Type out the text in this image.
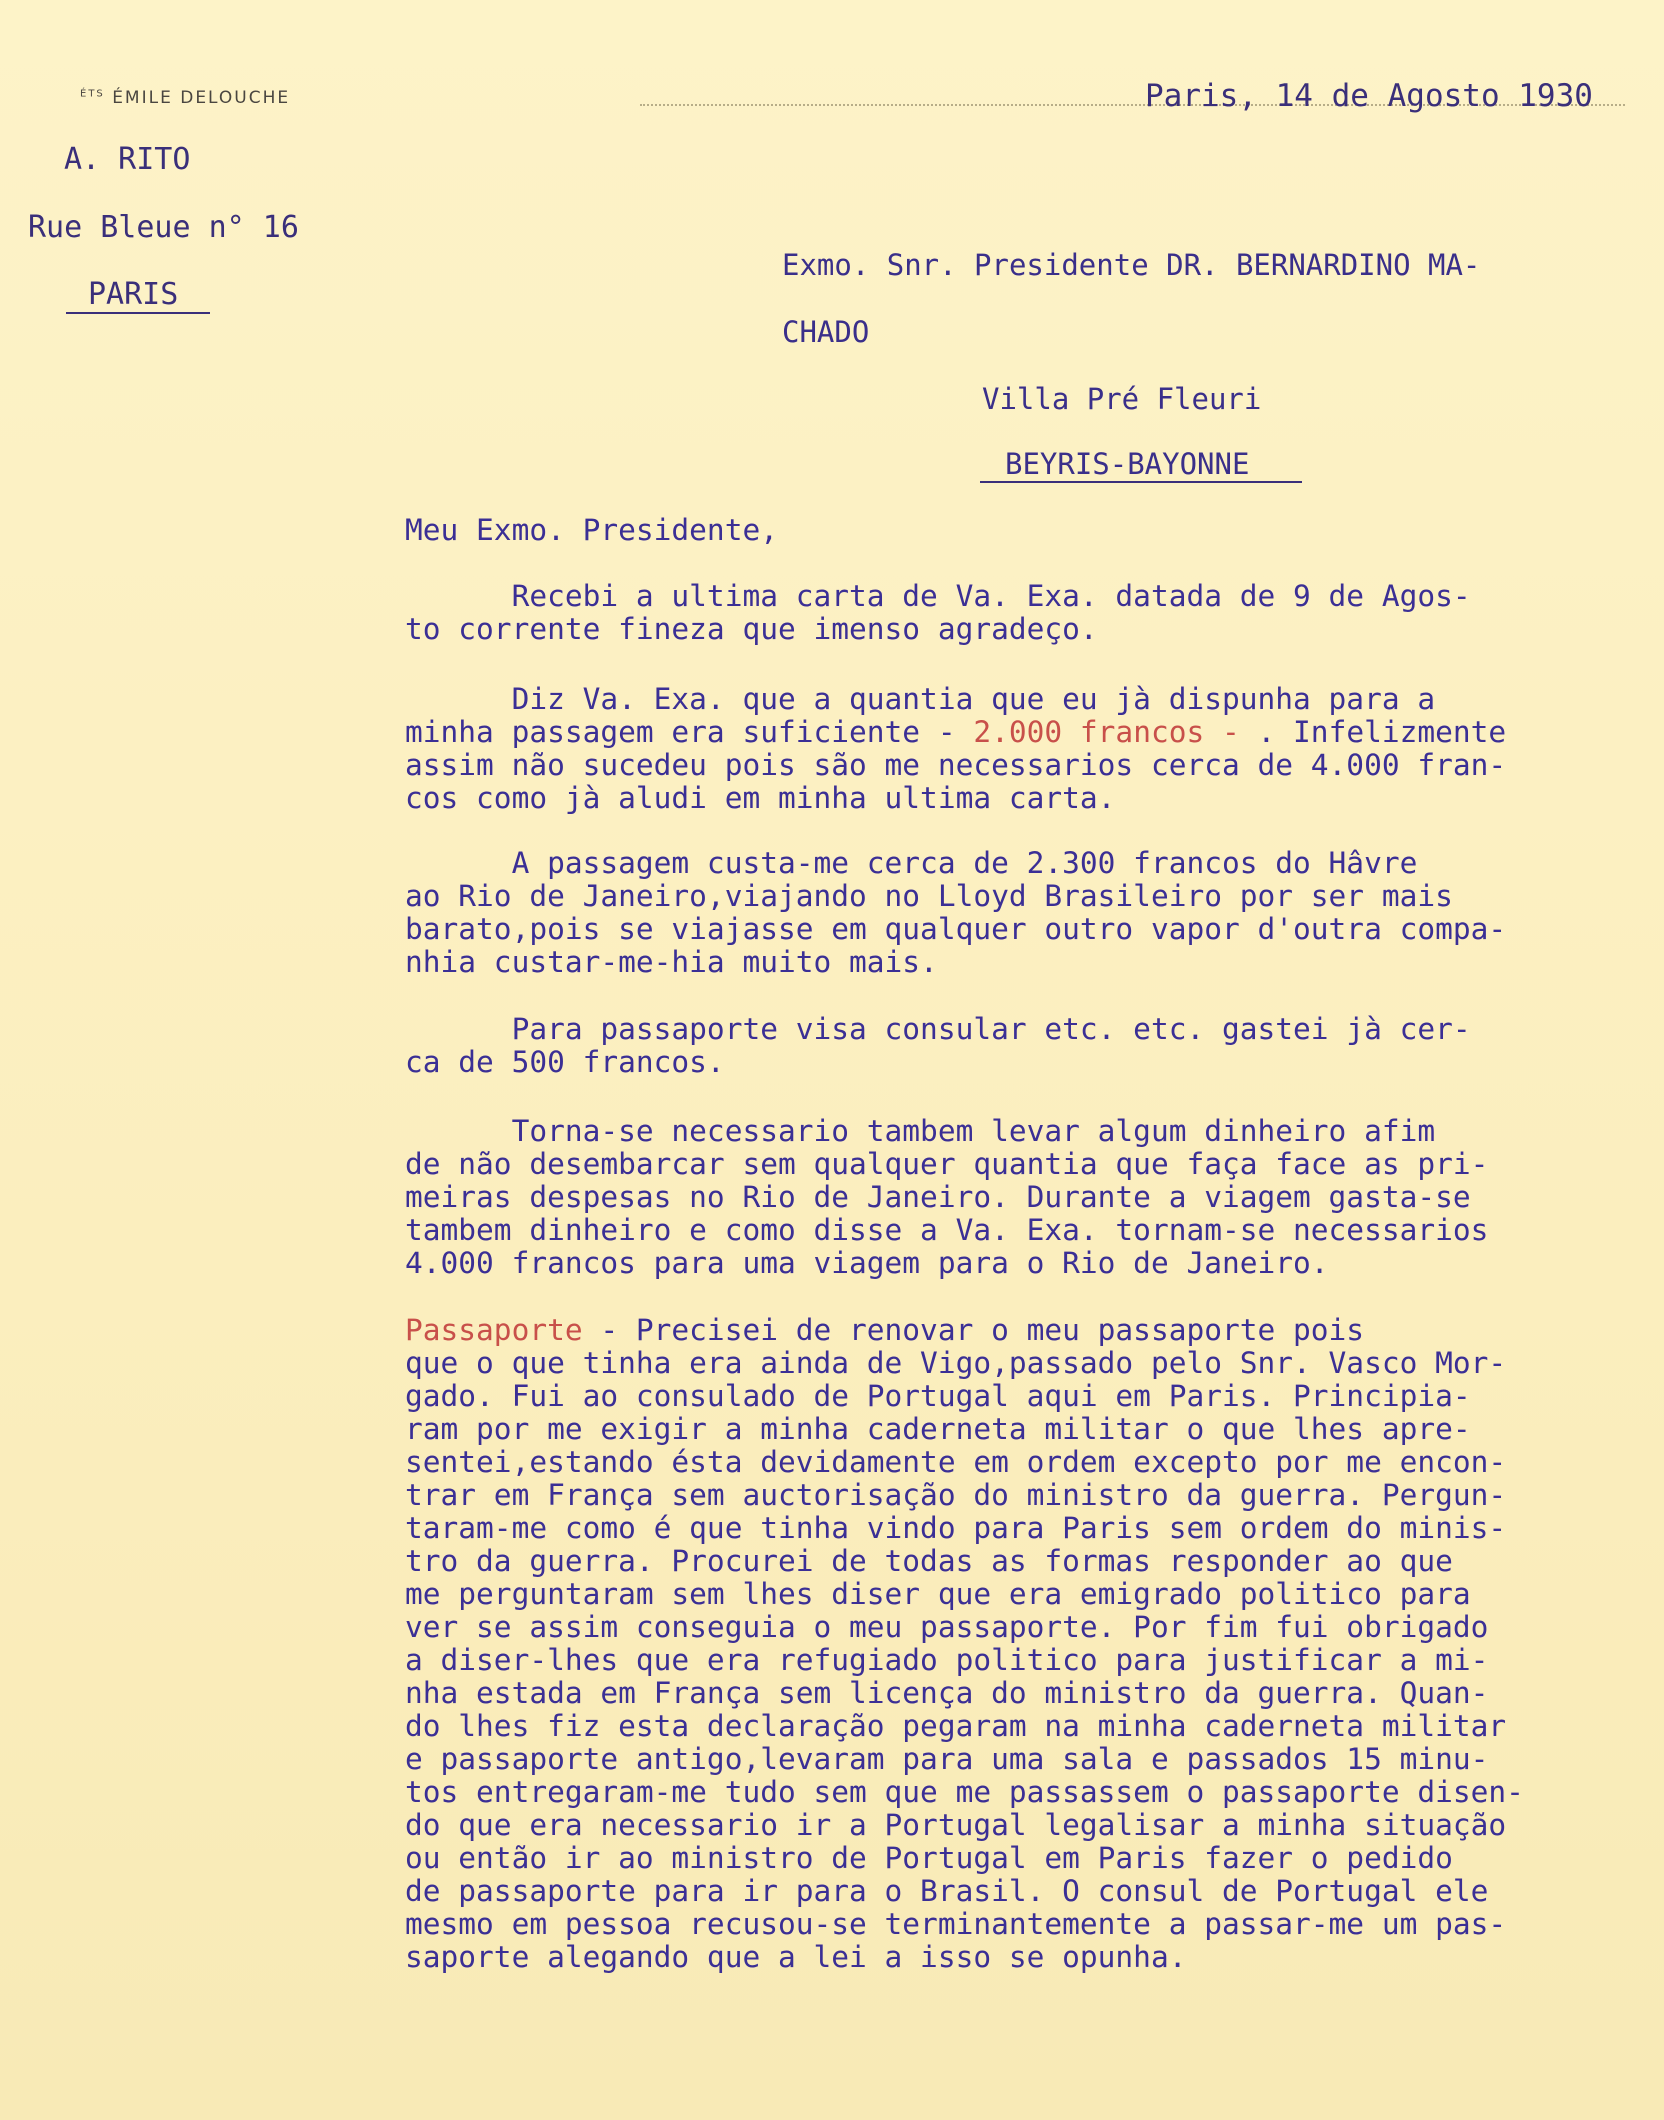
$^{ÉTS}$ ÉMILE DELOUCHE
A. RITO
Rue Bleue n° 16
PARIS
Paris, 14 de Agosto 1930
Exmo. Snr. Presidente DR. BERNARDINO MA-
CHADO
Villa Pré Fleuri
BEYRIS-BAYONNE
Meu Exmo. Presidente,
Recebi a ultima carta de Va. Exa. datada de 9 de Agos-
to corrente fineza que imenso agradeço.
Diz Va. Exa. que a quantia que eu jà dispunha para a
minha passagem era suficiente - 2.000 francos - . Infelizmente
assim não sucedeu pois são me necessarios cerca de 4.000 fran-
cos como jà aludi em minha ultima carta.
A passagem custa-me cerca de 2.300 francos do Hâvre
ao Rio de Janeiro,viajando no Lloyd Brasileiro por ser mais
barato,pois se viajasse em qualquer outro vapor d'outra compa-
nhia custar-me-hia muito mais.
Para passaporte visa consular etc. etc. gastei jà cer-
ca de 500 francos.
Torna-se necessario tambem levar algum dinheiro afim
de não desembarcar sem qualquer quantia que faça face as pri-
meiras despesas no Rio de Janeiro. Durante a viagem gasta-se
tambem dinheiro e como disse a Va. Exa. tornam-se necessarios
4.000 francos para uma viagem para o Rio de Janeiro.
Passaporte - Precisei de renovar o meu passaporte pois
que o que tinha era ainda de Vigo,passado pelo Snr. Vasco Mor-
gado. Fui ao consulado de Portugal aqui em Paris. Principia-
ram por me exigir a minha caderneta militar o que lhes apre-
sentei,estando ésta devidamente em ordem excepto por me encon-
trar em França sem auctorisação do ministro da guerra. Pergun-
taram-me como é que tinha vindo para Paris sem ordem do minis-
tro da guerra. Procurei de todas as formas responder ao que
me perguntaram sem lhes diser que era emigrado politico para
ver se assim conseguia o meu passaporte. Por fim fui obrigado
a diser-lhes que era refugiado politico para justificar a mi-
nha estada em França sem licença do ministro da guerra. Quan-
do lhes fiz esta declaração pegaram na minha caderneta militar
e passaporte antigo,levaram para uma sala e passados 15 minu-
tos entregaram-me tudo sem que me passassem o passaporte disen-
do que era necessario ir a Portugal legalisar a minha situação
ou então ir ao ministro de Portugal em Paris fazer o pedido
de passaporte para ir para o Brasil. O consul de Portugal ele
mesmo em pessoa recusou-se terminantemente a passar-me um pas-
saporte alegando que a lei a isso se opunha.
